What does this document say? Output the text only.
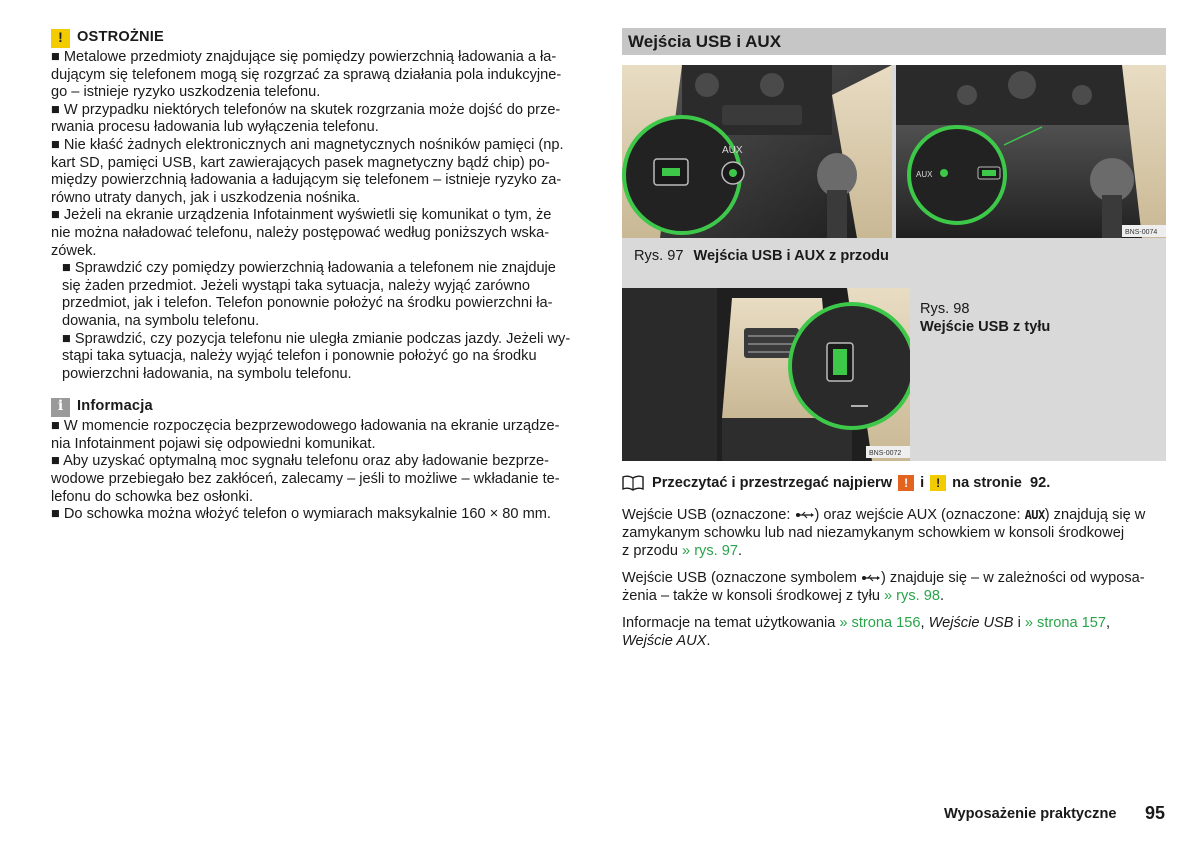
! OSTROŻNIE
■ Metalowe przedmioty znajdujące się pomiędzy powierzchnią ładowania a ła-
dującym się telefonem mogą się rozgrzać za sprawą działania pola indukcyjne-
go – istnieje ryzyko uszkodzenia telefonu.
■ W przypadku niektórych telefonów na skutek rozgrzania może dojść do prze-
rwania procesu ładowania lub wyłączenia telefonu.
■ Nie kłaść żadnych elektronicznych ani magnetycznych nośników pamięci (np.
kart SD, pamięci USB, kart zawierających pasek magnetyczny bądź chip) po-
między powierzchnią ładowania a ładującym się telefonem – istnieje ryzyko za-
równo utraty danych, jak i uszkodzenia nośnika.
■ Jeżeli na ekranie urządzenia Infotainment wyświetli się komunikat o tym, że
nie można naładować telefonu, należy postępować według poniższych wska-
zówek.
■ Sprawdzić czy pomiędzy powierzchnią ładowania a telefonem nie znajduje
się żaden przedmiot. Jeżeli wystąpi taka sytuacja, należy wyjąć zarówno
przedmiot, jak i telefon. Telefon ponownie położyć na środku powierzchni ła-
dowania, na symbolu telefonu.
■ Sprawdzić, czy pozycja telefonu nie uległa zmianie podczas jazdy. Jeżeli wy-
stąpi taka sytuacja, należy wyjąć telefon i ponownie położyć go na środku
powierzchni ładowania, na symbolu telefonu.
i Informacja
■ W momencie rozpoczęcia bezprzewodowego ładowania na ekranie urządze-
nia Infotainment pojawi się odpowiedni komunikat.
■ Aby uzyskać optymalną moc sygnału telefonu oraz aby ładowanie bezprze-
wodowe przebiegało bez zakłóceń, zalecamy – jeśli to możliwe – wkładanie te-
lefonu do schowka bez osłonki.
■ Do schowka można włożyć telefon o wymiarach maksykalnie 160 × 80 mm.
Wejścia USB i AUX
AUX
AUX
BNS-0074
Rys. 97 Wejścia USB i AUX z przodu
BNS-0072
Rys. 98
Wejście USB z tyłu
Przeczytać i przestrzegać najpierw	! i	! na stronie  92.
Wejście USB (oznaczone: ) oraz wejście AUX (oznaczone: AUX) znajdują się w
zamykanym schowku lub nad niezamykanym schowkiem w konsoli środkowej
z przodu » rys. 97.
Wejście USB (oznaczone symbolem ) znajduje się – w zależności od wyposa-
żenia – także w konsoli środkowej z tyłu » rys. 98.
Informacje na temat użytkowania » strona 156, Wejście USB i » strona 157,
Wejście AUX.
Wyposażenie praktyczne 95
